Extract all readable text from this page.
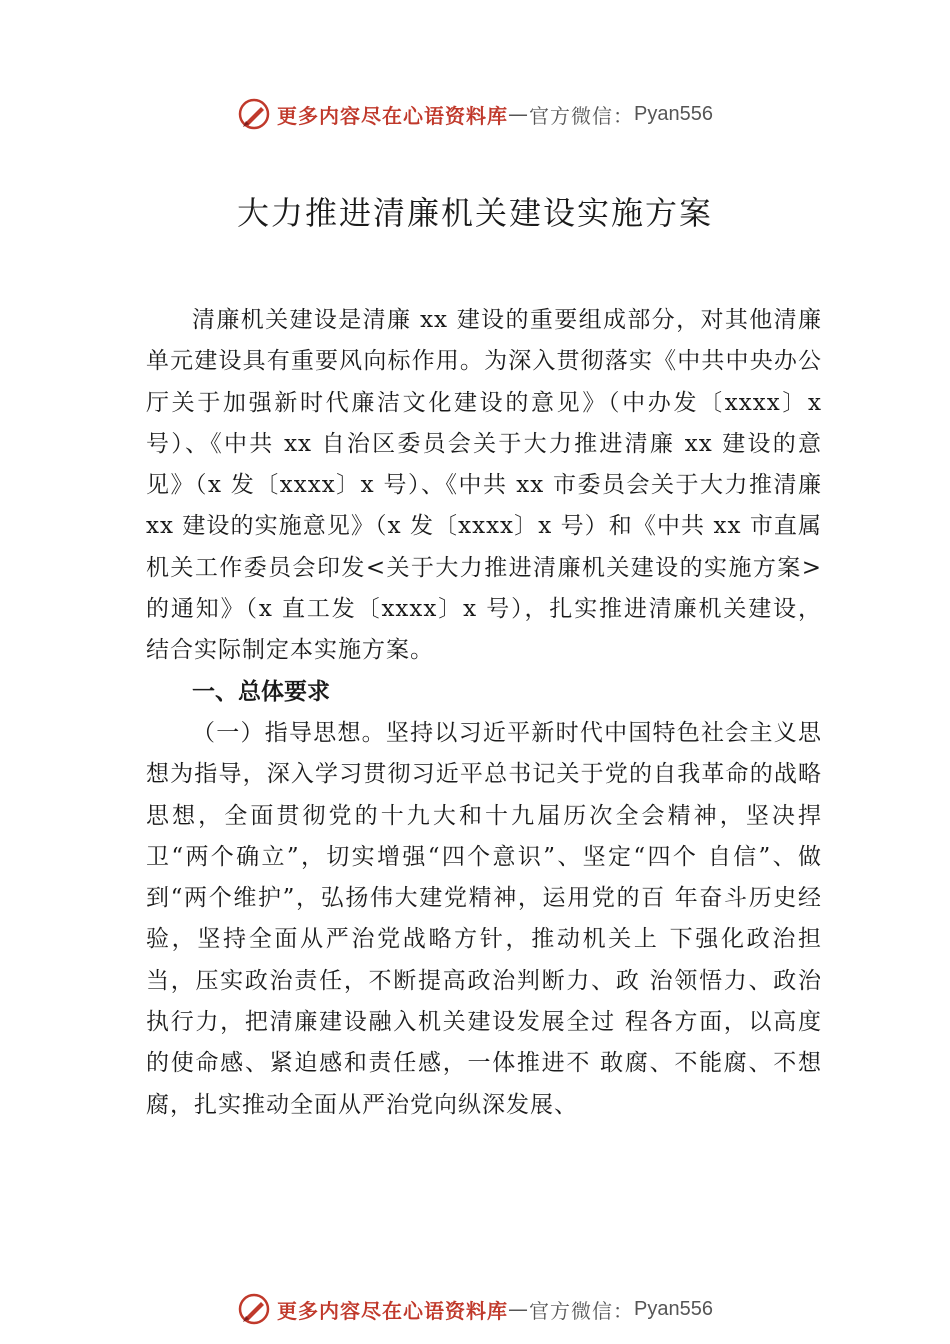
更多内容尽在心语资料库 — 官方微信： Pyan556
大力推进清廉机关建设实施方案

清廉机关建设是清廉 xx 建设的重要组成部分，对其他清廉单元建设具有重要风向标作用。为深入贯彻落实《中共中央办公厅关于加强新时代廉洁文化建设的意见》（中办发〔xxxx〕x 号）、《中共 xx 自治区委员会关于大力推进清廉 xx 建设的意见》（x 发〔xxxx〕x 号）、《中共 xx 市委员会关于大力推清廉 xx 建设的实施意见》（x 发〔xxxx〕x 号）和《中共 xx 市直属机关工作委员会印发<关于大力推进清廉机关建设的实施方案>的通知》（x 直工发〔xxxx〕x 号），扎实推进清廉机关建设，结合实际制定本实施方案。

一、总体要求

（一）指导思想。坚持以习近平新时代中国特色社会主义思想为指导，深入学习贯彻习近平总书记关于党的自我革命的战略思想，全面贯彻党的十九大和十九届历次全会精神，坚决捍卫“两个确立”，切实增强“四个意识”、坚定“四个 自信”、做到“两个维护”，弘扬伟大建党精神，运用党的百 年奋斗历史经验，坚持全面从严治党战略方针，推动机关上 下强化政治担当，压实政治责任，不断提高政治判断力、政 治领悟力、政治执行力，把清廉建设融入机关建设发展全过 程各方面，以高度的使命感、紧迫感和责任感，一体推进不 敢腐、不能腐、不想腐，扎实推动全面从严治党向纵深发展、

更多内容尽在心语资料库 — 官方微信： Pyan556
